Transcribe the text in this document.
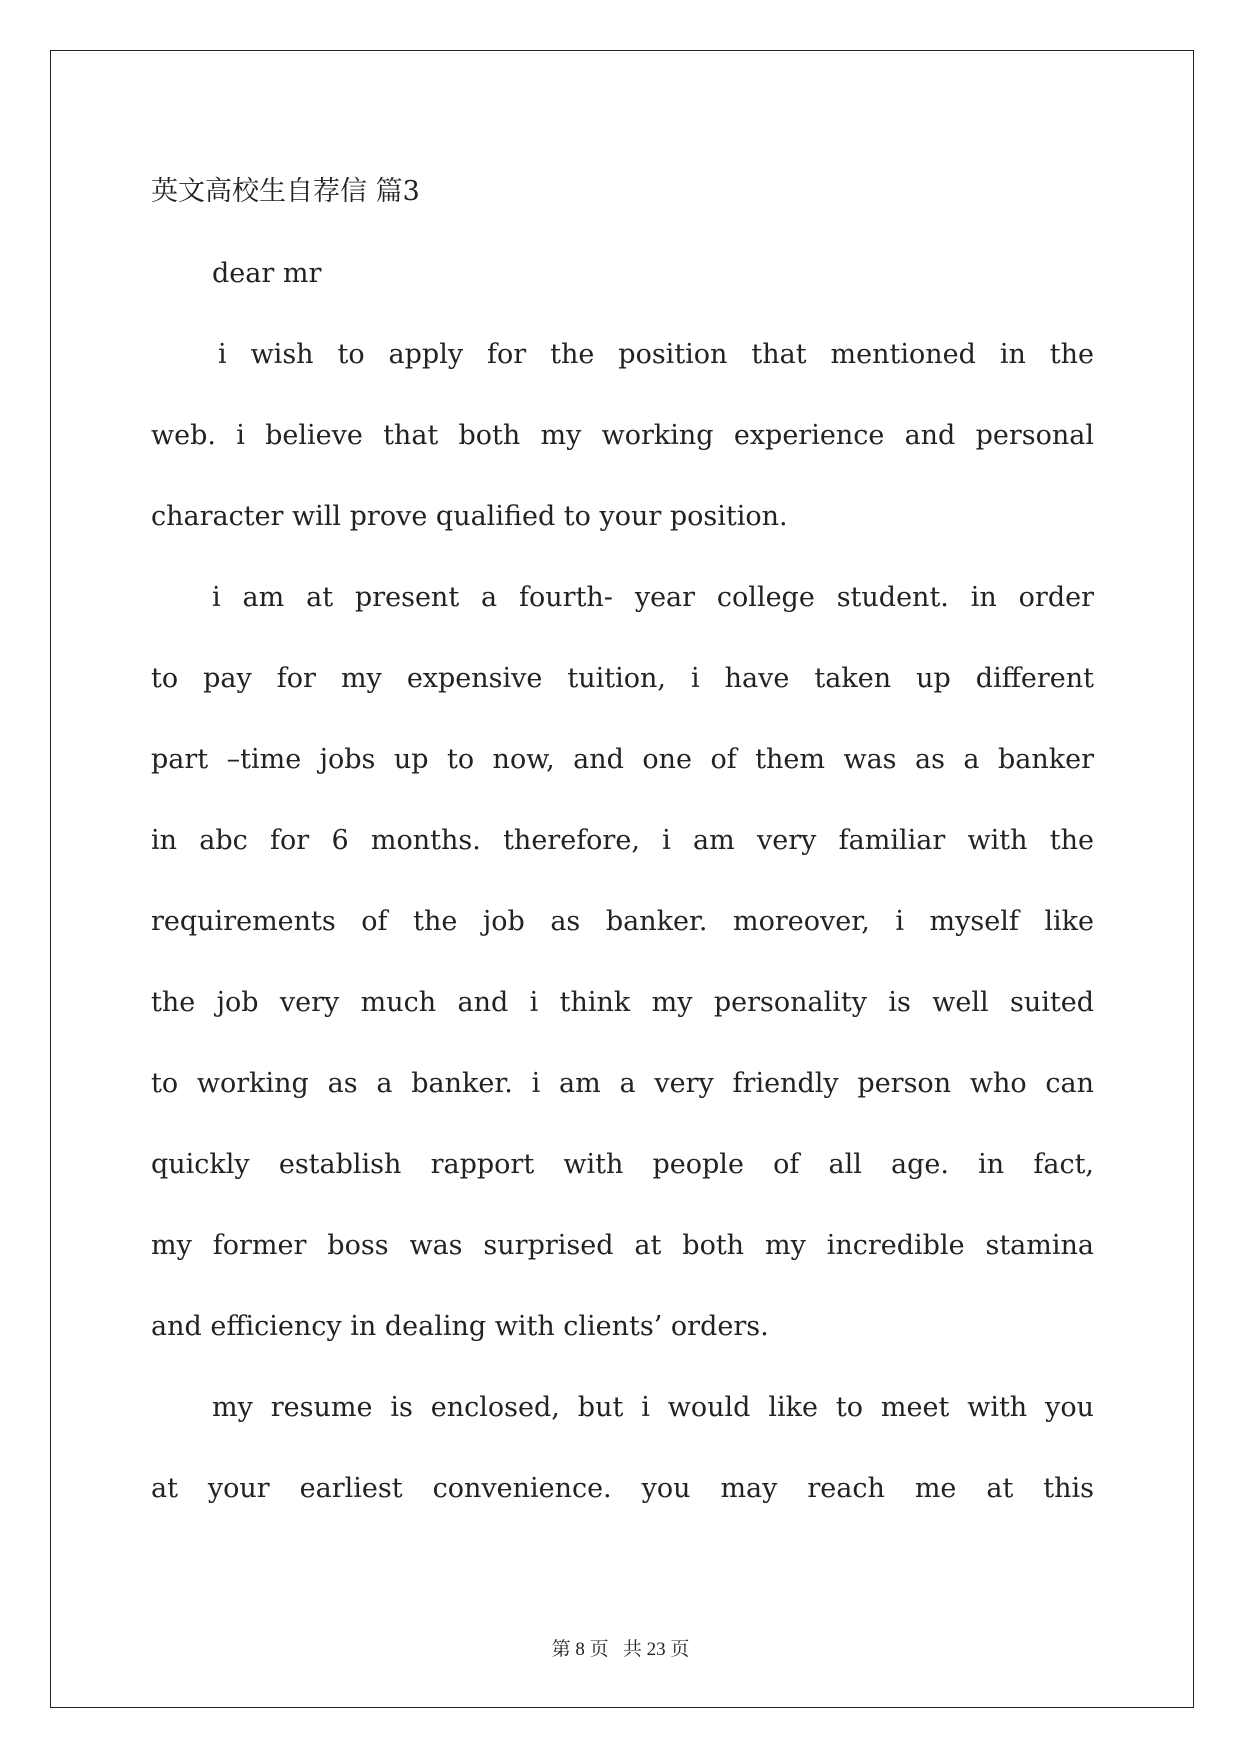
英文高校生自荐信 篇3

dear mr

i wish to apply for the position that mentioned in the

web. i believe that both my working experience and personal

character will prove qualified to your position.

i am at present a fourth- year college student. in order

to pay for my expensive tuition, i have taken up different

part –time jobs up to now, and one of them was as a banker

in abc for 6 months. therefore, i am very familiar with the

requirements of the job as banker. moreover, i myself like

the job very much and i think my personality is well suited

to working as a banker. i am a very friendly person who can

quickly establish rapport with people of all age. in fact,

my former boss was surprised at both my incredible stamina

and efficiency in dealing with clients’ orders.

my resume is enclosed, but i would like to meet with you

at your earliest convenience. you may reach me at this

第 8 页   共 23 页
